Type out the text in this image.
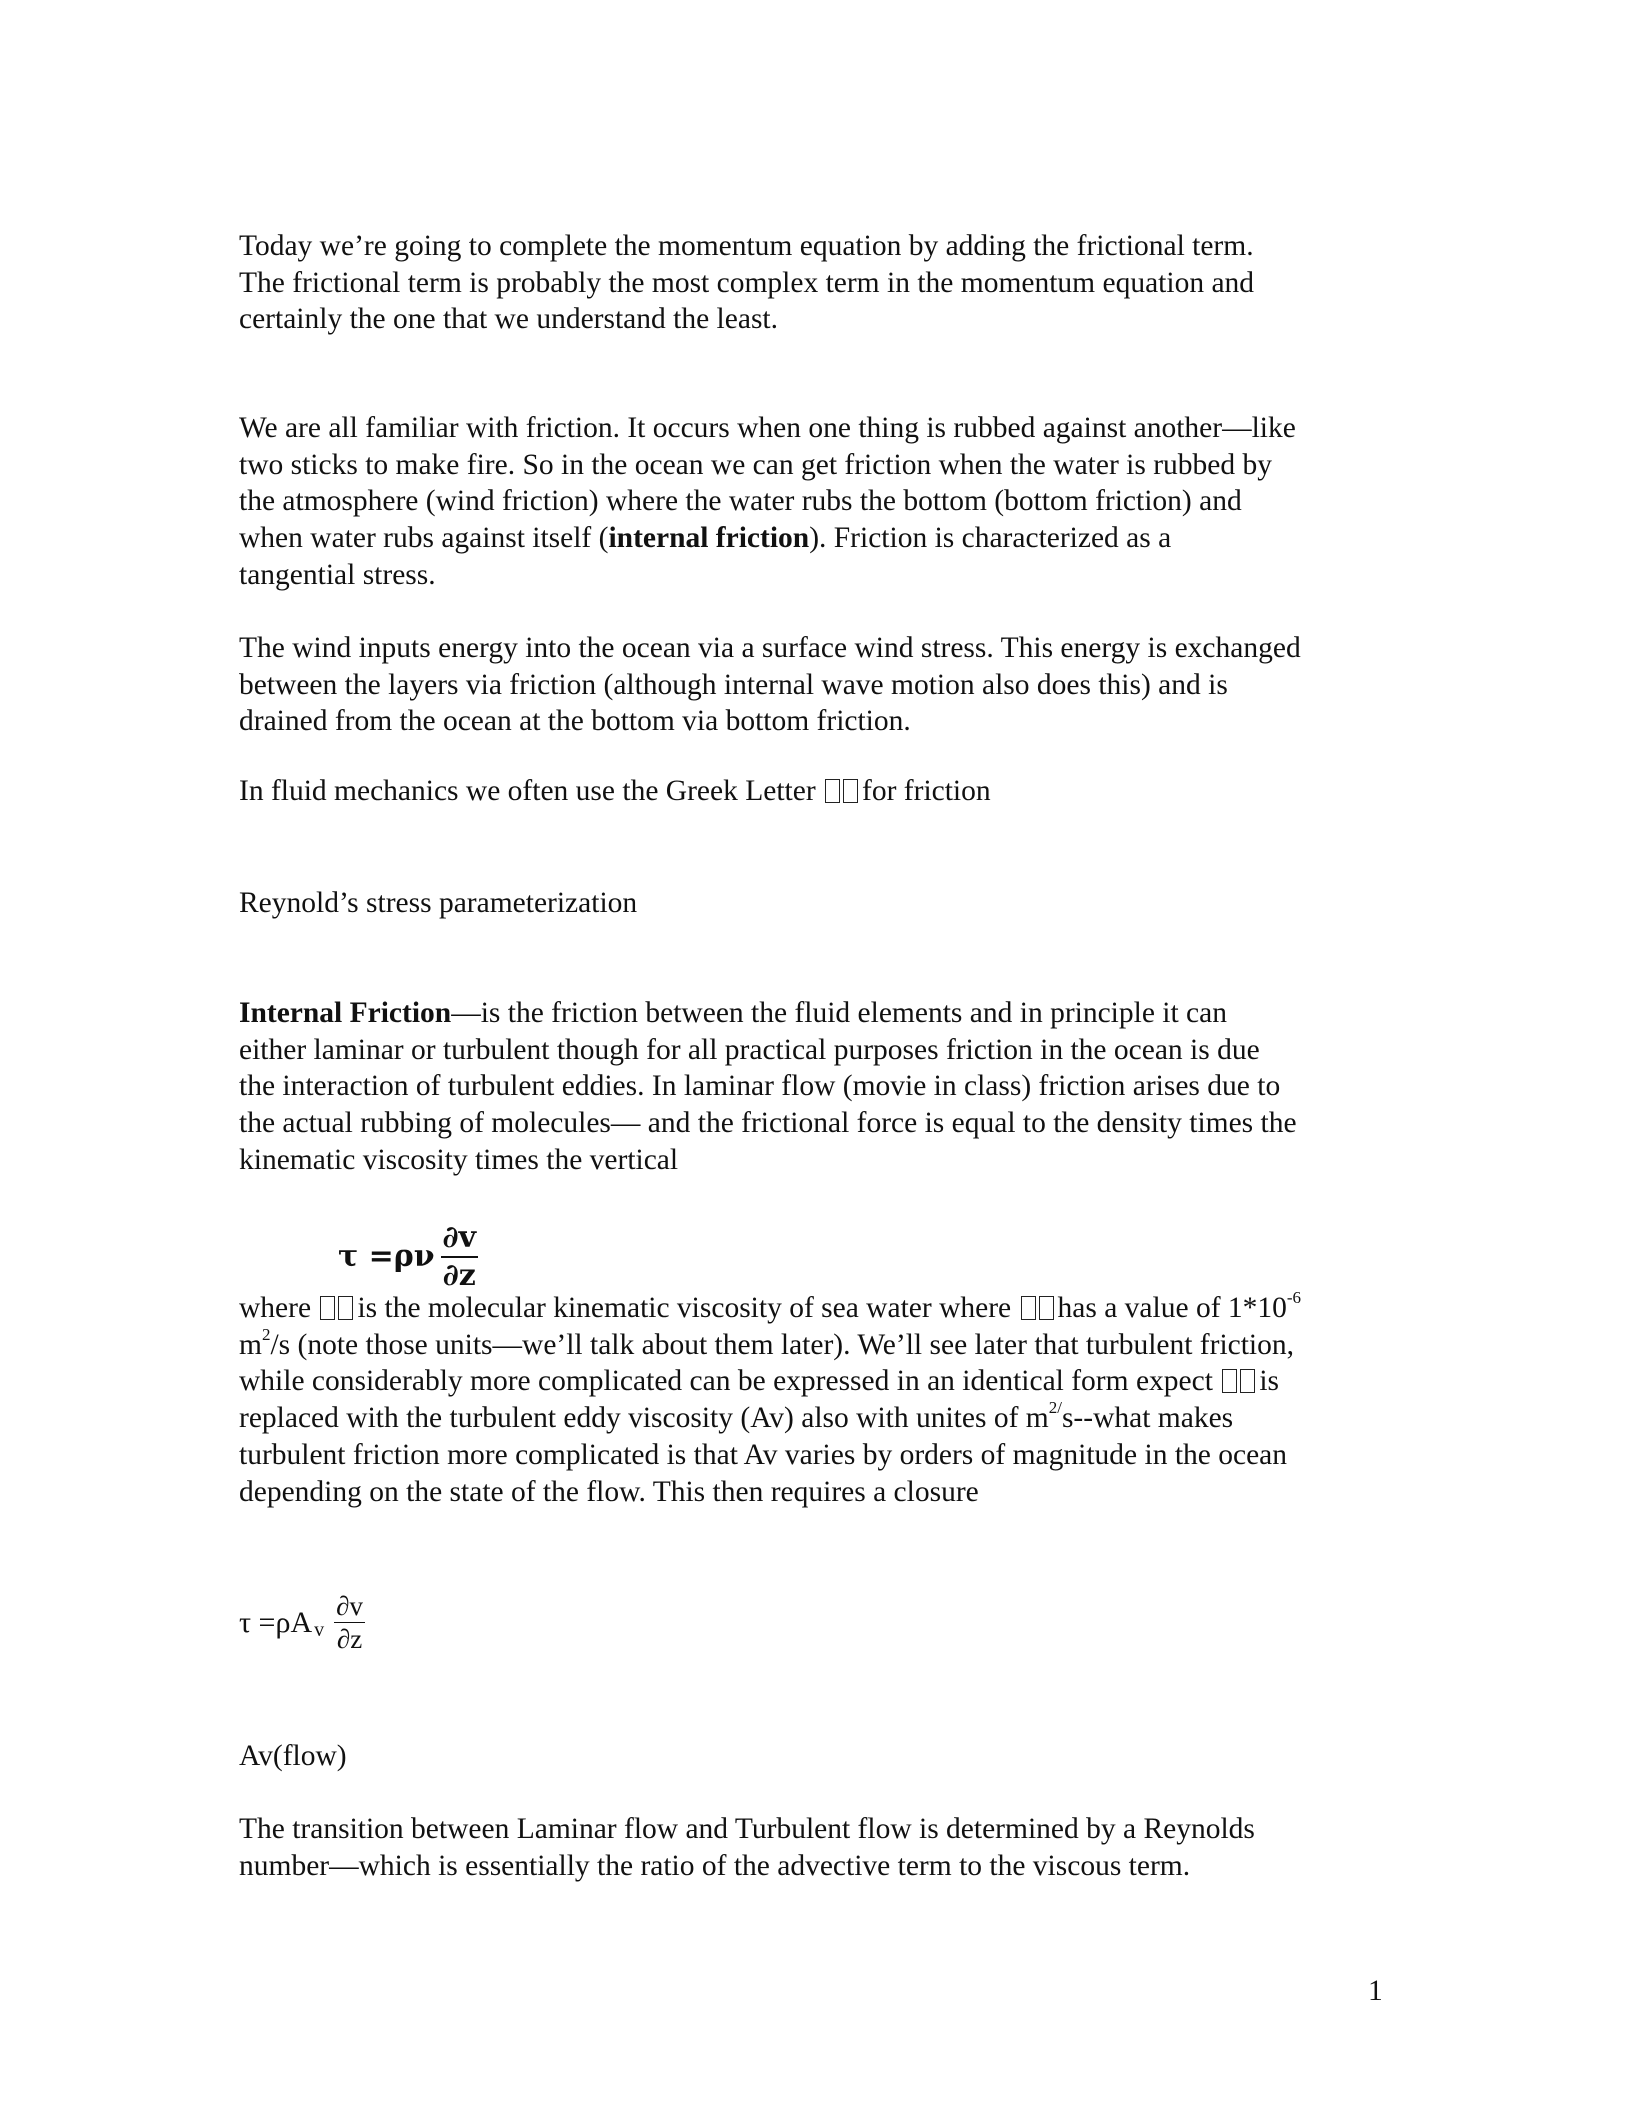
Today we’re going to complete the momentum equation by adding the frictional term.
The frictional term is probably the most complex term in the momentum equation and
certainly the one that we understand the least.

We are all familiar with friction. It occurs when one thing is rubbed against another—like
two sticks to make fire. So in the ocean we can get friction when the water is rubbed by
the atmosphere (wind friction) where the water rubs the bottom (bottom friction) and
when water rubs against itself (internal friction). Friction is characterized as a
tangential stress.

The wind inputs energy into the ocean via a surface wind stress. This energy is exchanged
between the layers via friction (although internal wave motion also does this) and is
drained from the ocean at the bottom via bottom friction.

In fluid mechanics we often use the Greek Letter for friction

Reynold’s stress parameterization

Internal Friction—is the friction between the fluid elements and in principle it can
either laminar or turbulent though for all practical purposes friction in the ocean is due
the interaction of turbulent eddies. In laminar flow (movie in class) friction arises due to
the actual rubbing of molecules— and the frictional force is equal to the density times the
kinematic viscosity times the vertical

$\tau =\rho\nu \frac{\partial v}{\partial z}$

where is the molecular kinematic viscosity of sea water where has a value of $1*10^{-6}$
$m^2/s$ (note those units—we’ll talk about them later). We’ll see later that turbulent friction,
while considerably more complicated can be expressed in an identical form expect is
replaced with the turbulent eddy viscosity (Av) also with unites of $m^{2/}s-$-what makes
turbulent friction more complicated is that Av varies by orders of magnitude in the ocean
depending on the state of the flow. This then requires a closure

τ =ρA v $\frac{\partial v}{\partial z}$

Av(flow)

The transition between Laminar flow and Turbulent flow is determined by a Reynolds
number—which is essentially the ratio of the advective term to the viscous term.

1
